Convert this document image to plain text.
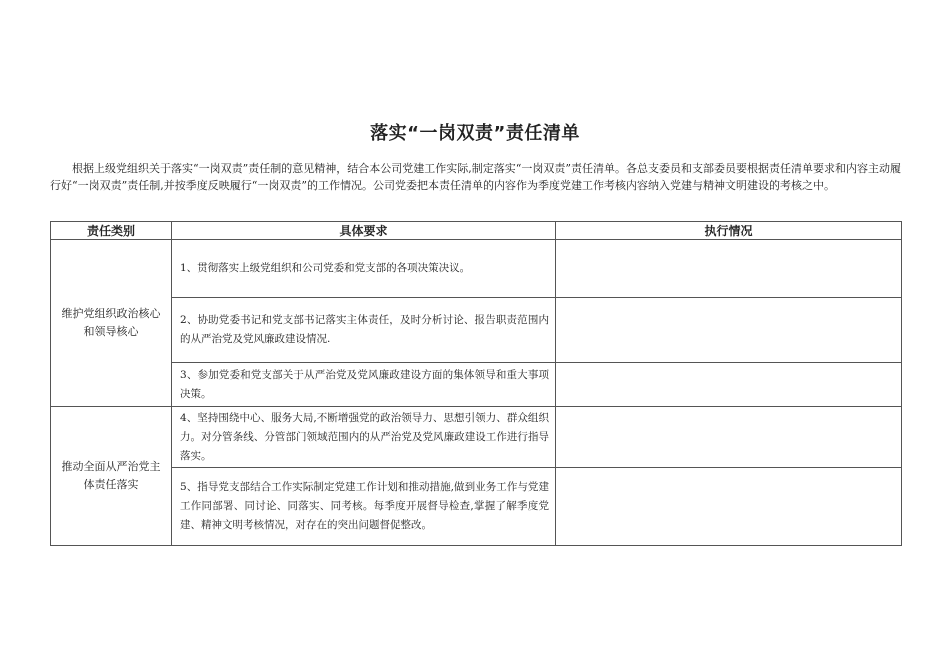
落实“一岗双责”责任清单

根据上级党组织关于落实“一岗双责”责任制的意见精神，结合本公司党建工作实际,制定落实“一岗双责”责任清单。各总支委员和支部委员要根据责任清单要求和内容主动履行好“一岗双责”责任制,并按季度反映履行“一岗双责”的工作情况。公司党委把本责任清单的内容作为季度党建工作考核内容纳入党建与精神文明建设的考核之中。

责任类别	具体要求	执行情况
维护党组织政治核心和领导核心	1、贯彻落实上级党组织和公司党委和党支部的各项决策决议。	
	2、协助党委书记和党支部书记落实主体责任，及时分析讨论、报告职责范围内的从严治党及党风廉政建设情况.	
	3、参加党委和党支部关于从严治党及党风廉政建设方面的集体领导和重大事项决策。	
推动全面从严治党主体责任落实	4、坚持围绕中心、服务大局,不断增强党的政治领导力、思想引领力、群众组织力。对分管条线、分管部门领域范围内的从严治党及党风廉政建设工作进行指导落实。	
	5、指导党支部结合工作实际制定党建工作计划和推动措施,做到业务工作与党建工作同部署、同讨论、同落实、同考核。每季度开展督导检查,掌握了解季度党建、精神文明考核情况，对存在的突出问题督促整改。	
